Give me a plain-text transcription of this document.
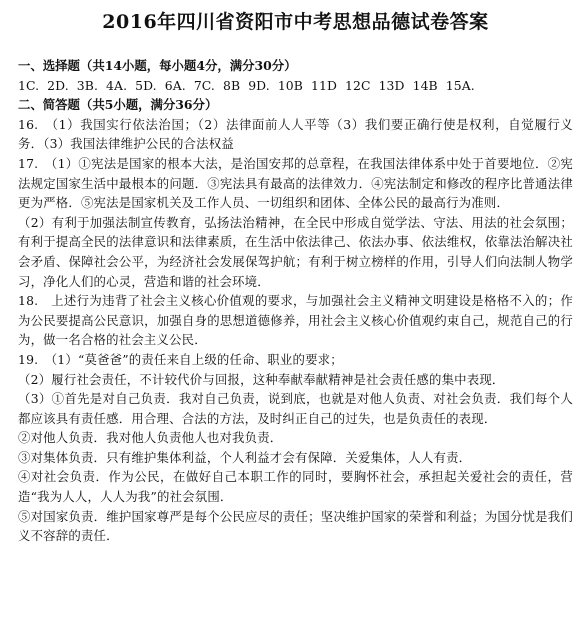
2016年四川省资阳市中考思想品德试卷答案
一、选择题（共14小题，每小题4分，满分30分）
1C. 2D. 3B. 4A. 5D. 6A. 7C. 8B 9D. 10B 11D 12C 13D 14B 15A.
二、简答题（共5小题，满分36分）

16.　（1）我国实行依法治国；（2）法律面前人人平等（3）我们要正确行使是权利，自觉履行义务．（3）我国法律维护公民的合法权益

17.　（1）①宪法是国家的根本大法，是治国安邦的总章程，在我国法律体系中处于首要地位．②宪法规定国家生活中最根本的问题．③宪法具有最高的法律效力．④宪法制定和修改的程序比普通法律更为严格．⑤宪法是国家机关及工作人员、一切组织和团体、全体公民的最高行为准则．

（2）有利于加强法制宣传教育，弘扬法治精神，在全民中形成自觉学法、守法、用法的社会氛围；有利于提高全民的法律意识和法律素质，在生活中依法律己、依法办事、依法维权，依靠法治解决社会矛盾、保障社会公平，为经济社会发展保驾护航；有利于树立榜样的作用，引导人们向法制人物学习，净化人们的心灵，营造和谐的社会环境．

18.　上述行为违背了社会主义核心价值观的要求，与加强社会主义精神文明建设是格格不入的；作为公民要提高公民意识，加强自身的思想道德修养，用社会主义核心价值观约束自己，规范自己的行为，做一名合格的社会主义公民．

19.　（1）“莫爸爸”的责任来自上级的任命、职业的要求；

（2）履行社会责任，不计较代价与回报，这种奉献奉献精神是社会责任感的集中表现．

（3）①首先是对自己负责．我对自己负责，说到底，也就是对他人负责、对社会负责．我们每个人都应该具有责任感．用合理、合法的方法，及时纠正自己的过失，也是负责任的表现．

②对他人负责．我对他人负责他人也对我负责．

③对集体负责．只有维护集体利益，个人利益才会有保障．关爱集体，人人有责．

④对社会负责．作为公民，在做好自己本职工作的同时，要胸怀社会，承担起关爱社会的责任，营造“我为人人，人人为我”的社会氛围．

⑤对国家负责．维护国家尊严是每个公民应尽的责任；坚决维护国家的荣誉和利益；为国分忧是我们义不容辞的责任．
